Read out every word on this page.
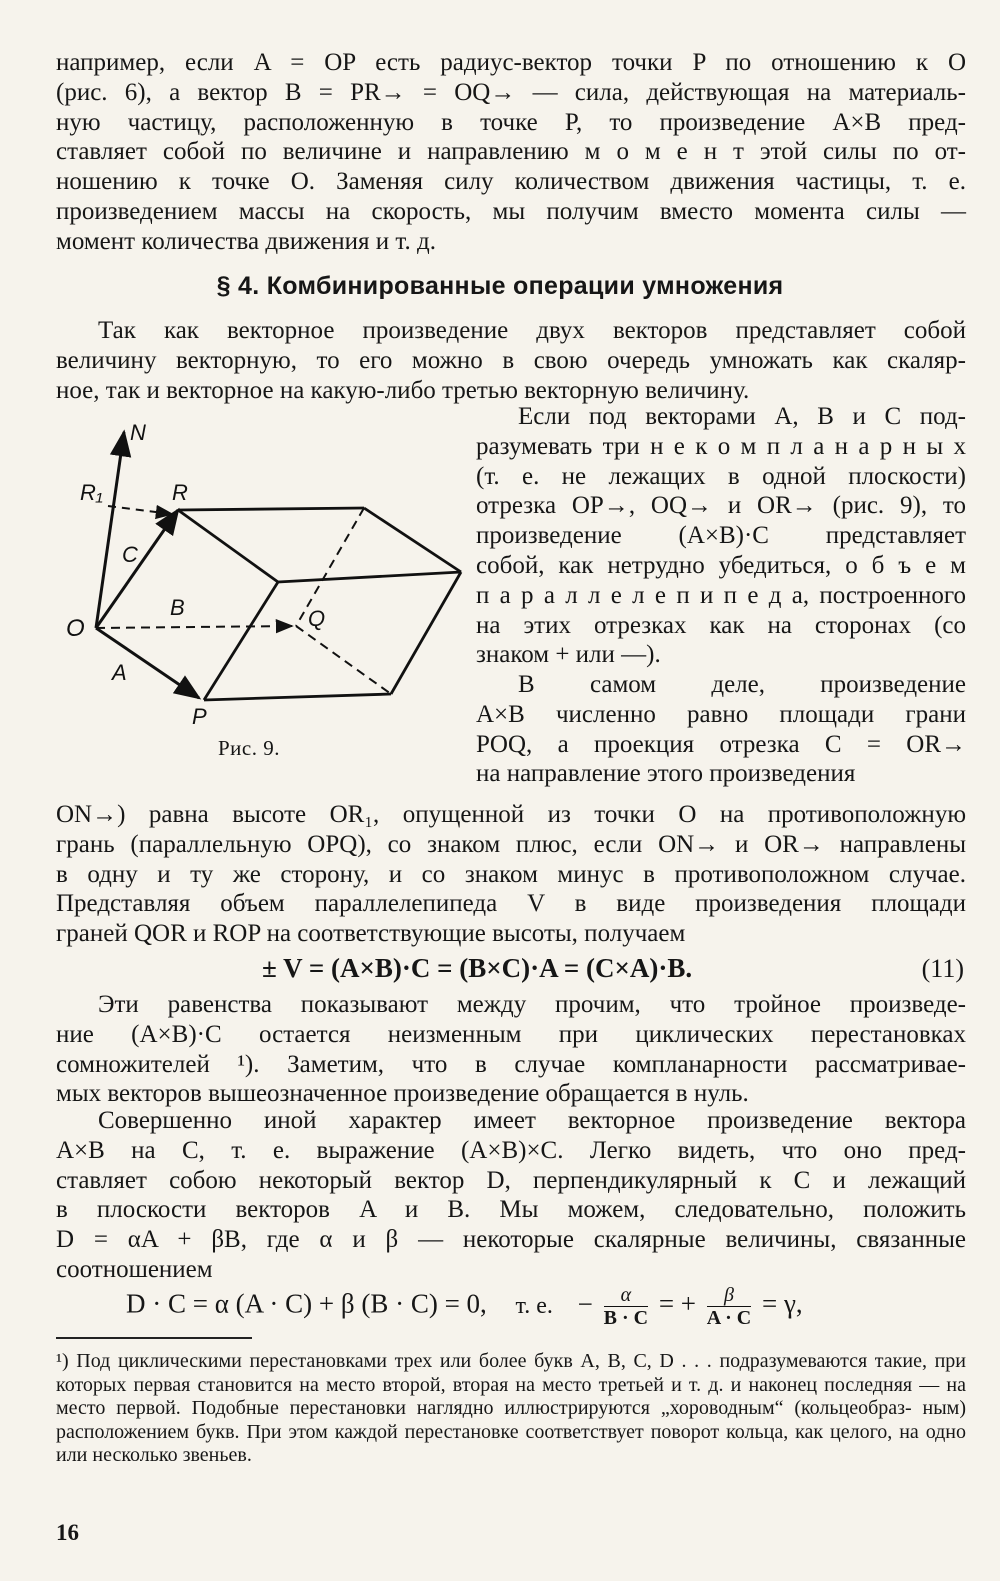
например, если A = OP есть радиус-вектор точки P по отношению к O
(рис. 6), а вектор B = PR→ = OQ→ — сила, действующая на материаль-
ную частицу, расположенную в точке P, то произведение A×B пред-
ставляет собой по величине и направлению м о м е н т этой силы по от-
ношению к точке O. Заменяя силу количеством движения частицы, т. е.
произведением массы на скорость, мы получим вместо момента силы —
момент количества движения и т. д.

§ 4. Комбинированные операции умножения

Так как векторное произведение двух векторов представляет собой
величину векторную, то его можно в свою очередь умножать как скаляр-
ное, так и векторное на какую-либо третью векторную величину.

N
R₁	R
C
B
O	Q
A
P

Рис. 9.

Если под векторами A, B и C под-
разумевать три н е к о м п л а н а р н ы х
(т. е. не лежащих в одной плоскости)
отрезка OP→, OQ→ и OR→ (рис. 9), то
произведение (A×B)·C представляет
собой, как нетрудно убедиться, о б ъ е м
п а р а л л е л е п и п е д а, построенного
на этих отрезках как на сторонах (со
знаком + или —).

В самом деле, произведение
A×B численно равно площади грани
POQ, а проекция отрезка C = OR→
на направление этого произведения

ON→) равна высоте OR₁, опущенной из точки O на противоположную
грань (параллельную OPQ), со знаком плюс, если ON→ и OR→ направлены
в одну и ту же сторону, и со знаком минус в противоположном случае.
Представляя объем параллелепипеда V в виде произведения площади
граней QOR и ROP на соответствующие высоты, получаем

± V = (A×B)·C = (B×C)·A = (C×A)·B.	(11)

Эти равенства показывают между прочим, что тройное произведе-
ние (A×B)·C остается неизменным при циклических перестановках
сомножителей ¹). Заметим, что в случае компланарности рассматривае-
мых векторов вышеозначенное произведение обращается в нуль.

Совершенно иной характер имеет векторное произведение вектора
A×B на C, т. е. выражение (A×B)×C. Легко видеть, что оно пред-
ставляет собою некоторый вектор D, перпендикулярный к C и лежащий
в плоскости векторов A и B. Мы можем, следовательно, положить
D = αA + βB, где α и β — некоторые скалярные величины, связанные
соотношением

D · C = α (A · C) + β (B · C) = 0, т. е. − $\frac{\alpha}{B \cdot C}$ = + $\frac{\beta}{A \cdot C} = \gamma$,

¹) Под циклическими перестановками трех или более букв A, B, C, D . . . подразумеваются такие, при которых первая становится на место второй, вторая на место третьей и т. д. и наконец последняя — на место первой. Подобные перестановки наглядно иллюстрируются „хороводным“ (кольцеобраз- ным) расположением букв. При этом каждой перестановке соответствует поворот кольца, как целого, на одно или несколько звеньев.

16
